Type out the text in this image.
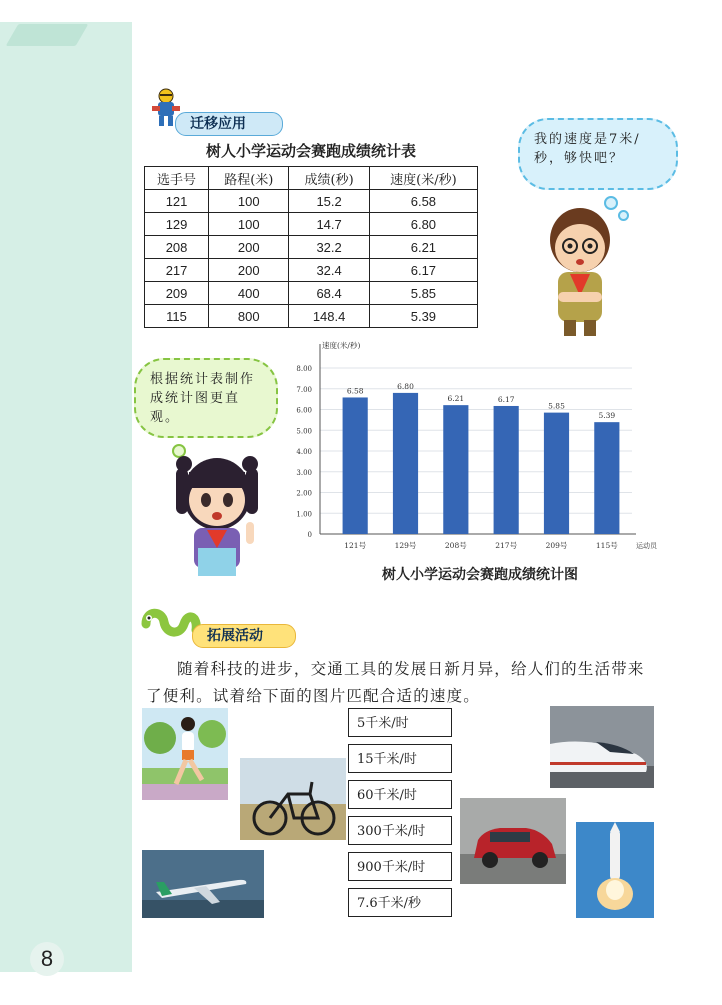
8
迁移应用
树人小学运动会赛跑成绩统计表
选手号	路程(米)	成绩(秒)	速度(米/秒)
121	100	15.2	6.58
129	100	14.7	6.80
208	200	32.2	6.21
217	200	32.4	6.17
209	400	68.4	5.85
115	800	148.4	5.39
我的速度是7米/秒，够快吧？
根据统计表制作成统计图更直观。
0
1.00
2.00
3.00
4.00
5.00
6.00
7.00
8.00
速度(米/秒)
运动员
6.58
121号
6.80
129号
6.21
208号
6.17
217号
5.85
209号
5.39
115号
树人小学运动会赛跑成绩统计图
拓展活动
随着科技的进步，交通工具的发展日新月异，给人们的生活带来了便利。试着给下面的图片匹配合适的速度。
5千米/时
15千米/时
60千米/时
300千米/时
900千米/时
7.6千米/秒
